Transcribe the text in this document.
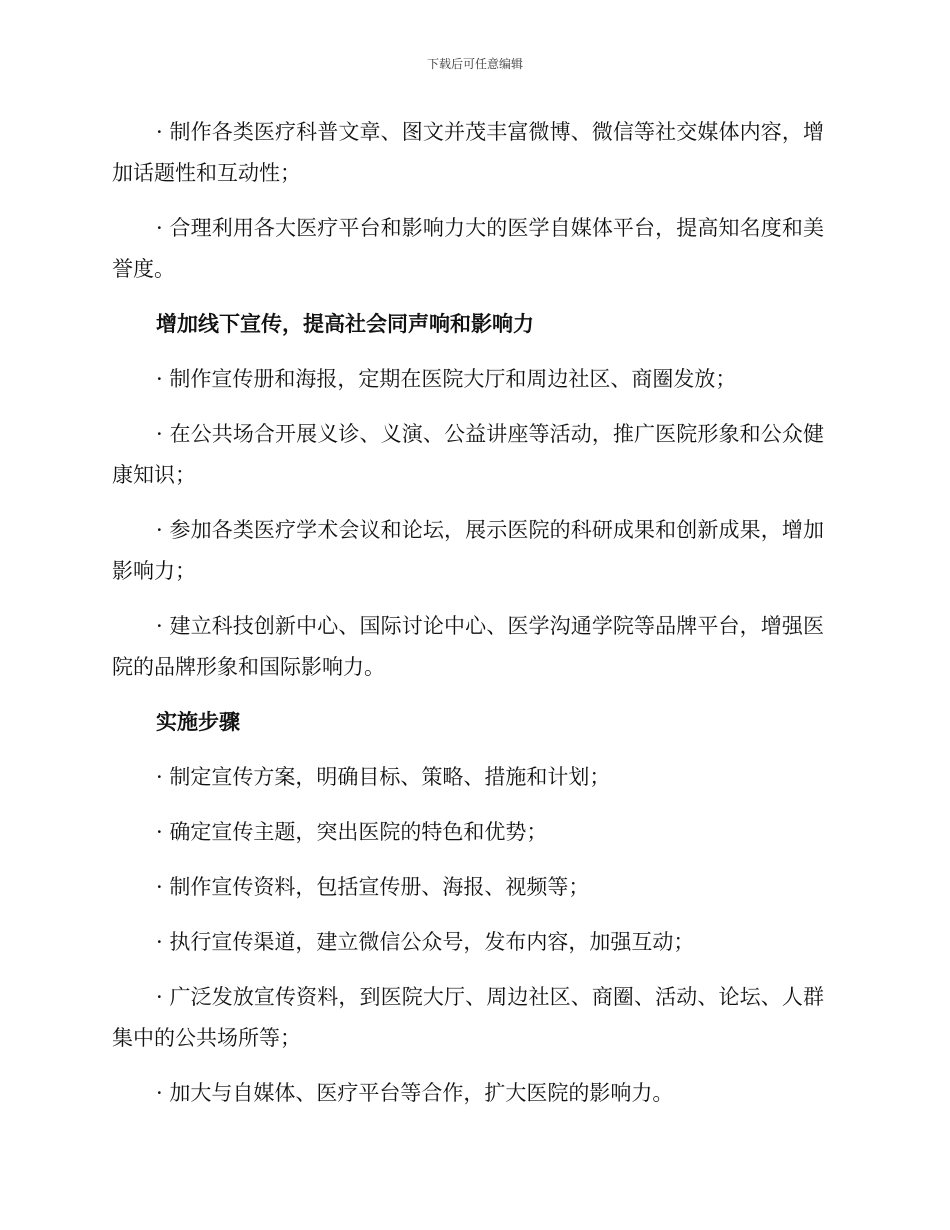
下载后可任意编辑

· 制作各类医疗科普文章、图文并茂丰富微博、微信等社交媒体内容，增加话题性和互动性；

· 合理利用各大医疗平台和影响力大的医学自媒体平台，提高知名度和美誉度。

增加线下宣传，提高社会同声响和影响力

· 制作宣传册和海报，定期在医院大厅和周边社区、商圈发放；

· 在公共场合开展义诊、义演、公益讲座等活动，推广医院形象和公众健康知识；

· 参加各类医疗学术会议和论坛，展示医院的科研成果和创新成果，增加影响力；

· 建立科技创新中心、国际讨论中心、医学沟通学院等品牌平台，增强医院的品牌形象和国际影响力。

实施步骤

· 制定宣传方案，明确目标、策略、措施和计划；

· 确定宣传主题，突出医院的特色和优势；

· 制作宣传资料，包括宣传册、海报、视频等；

· 执行宣传渠道，建立微信公众号，发布内容，加强互动；

· 广泛发放宣传资料，到医院大厅、周边社区、商圈、活动、论坛、人群集中的公共场所等；

· 加大与自媒体、医疗平台等合作，扩大医院的影响力。
